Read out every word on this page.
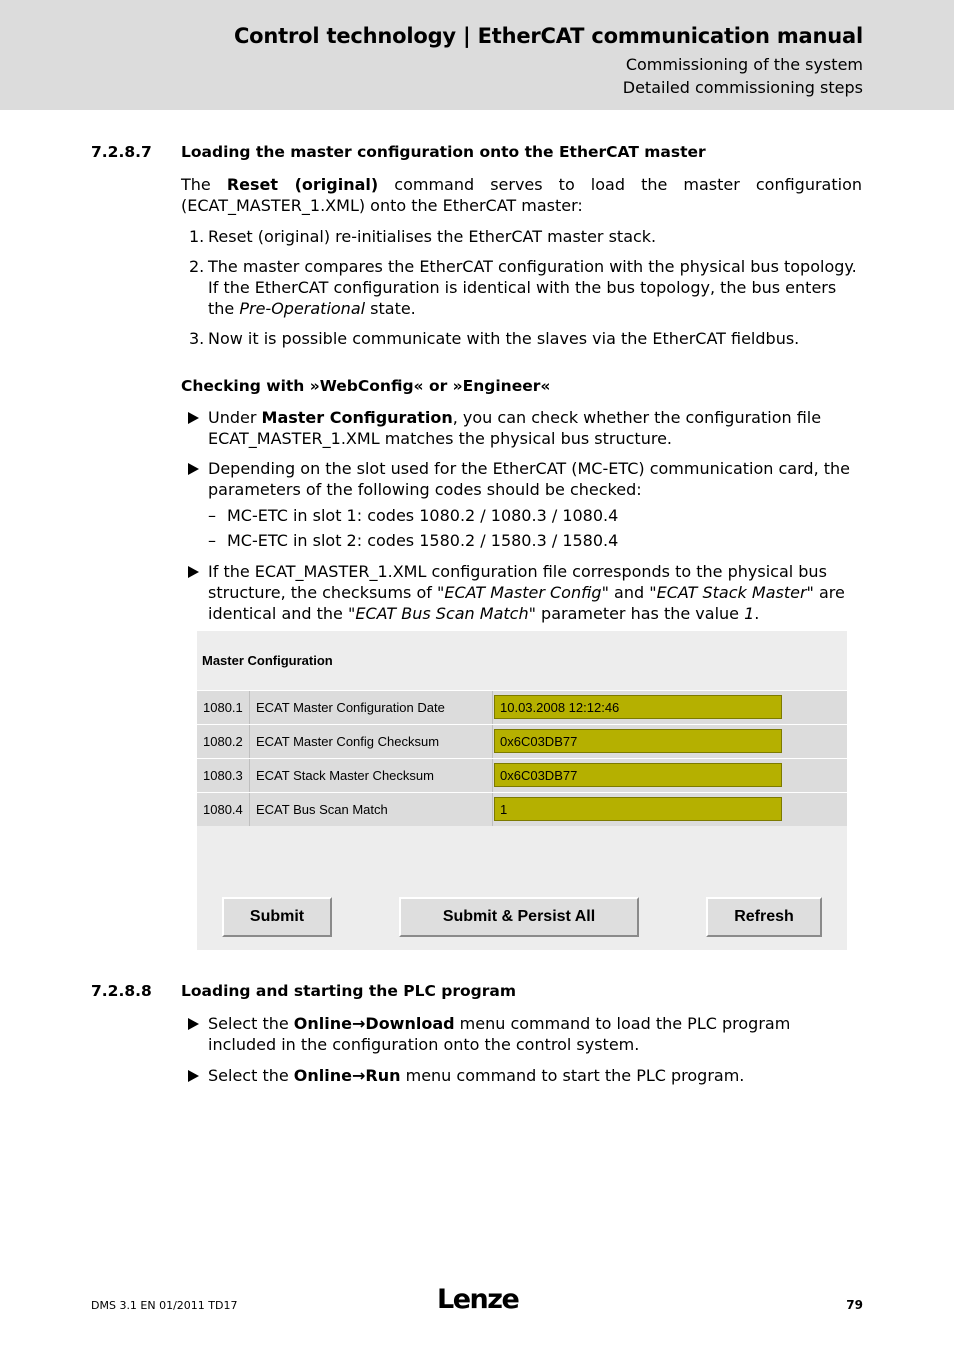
Control technology | EtherCAT communication manual
Commissioning of the system
Detailed commissioning steps
7.2.8.7 Loading the master configuration onto the EtherCAT master
The Reset (original) command serves to load the master configuration
(ECAT_MASTER_1.XML) onto the EtherCAT master:
1. Reset (original) re-initialises the EtherCAT master stack.
2. The master compares the EtherCAT configuration with the physical bus topology. If the EtherCAT configuration is identical with the bus topology, the bus enters the Pre-Operational state.
3. Now it is possible communicate with the slaves via the EtherCAT fieldbus.
Checking with »WebConfig« or »Engineer«
Under Master Configuration, you can check whether the configuration file ECAT_MASTER_1.XML matches the physical bus structure.
Depending on the slot used for the EtherCAT (MC-ETC) communication card, the parameters of the following codes should be checked:
– MC-ETC in slot 1: codes 1080.2 / 1080.3 / 1080.4
– MC-ETC in slot 2: codes 1580.2 / 1580.3 / 1580.4
If the ECAT_MASTER_1.XML configuration file corresponds to the physical bus structure, the checksums of "ECAT Master Config" and "ECAT Stack Master" are identical and the "ECAT Bus Scan Match" parameter has the value 1.
Master Configuration
1080.1 ECAT Master Configuration Date	10.03.2008 12:12:46
1080.2 ECAT Master Config Checksum	0x6C03DB77
1080.3 ECAT Stack Master Checksum	0x6C03DB77
1080.4 ECAT Bus Scan Match	1
Submit	Submit & Persist All	Refresh
7.2.8.8 Loading and starting the PLC program
Select the Online→Download menu command to load the PLC program included in the configuration onto the control system.
Select the Online→Run menu command to start the PLC program.
DMS 3.1 EN 01/2011 TD17	Lenze	79
